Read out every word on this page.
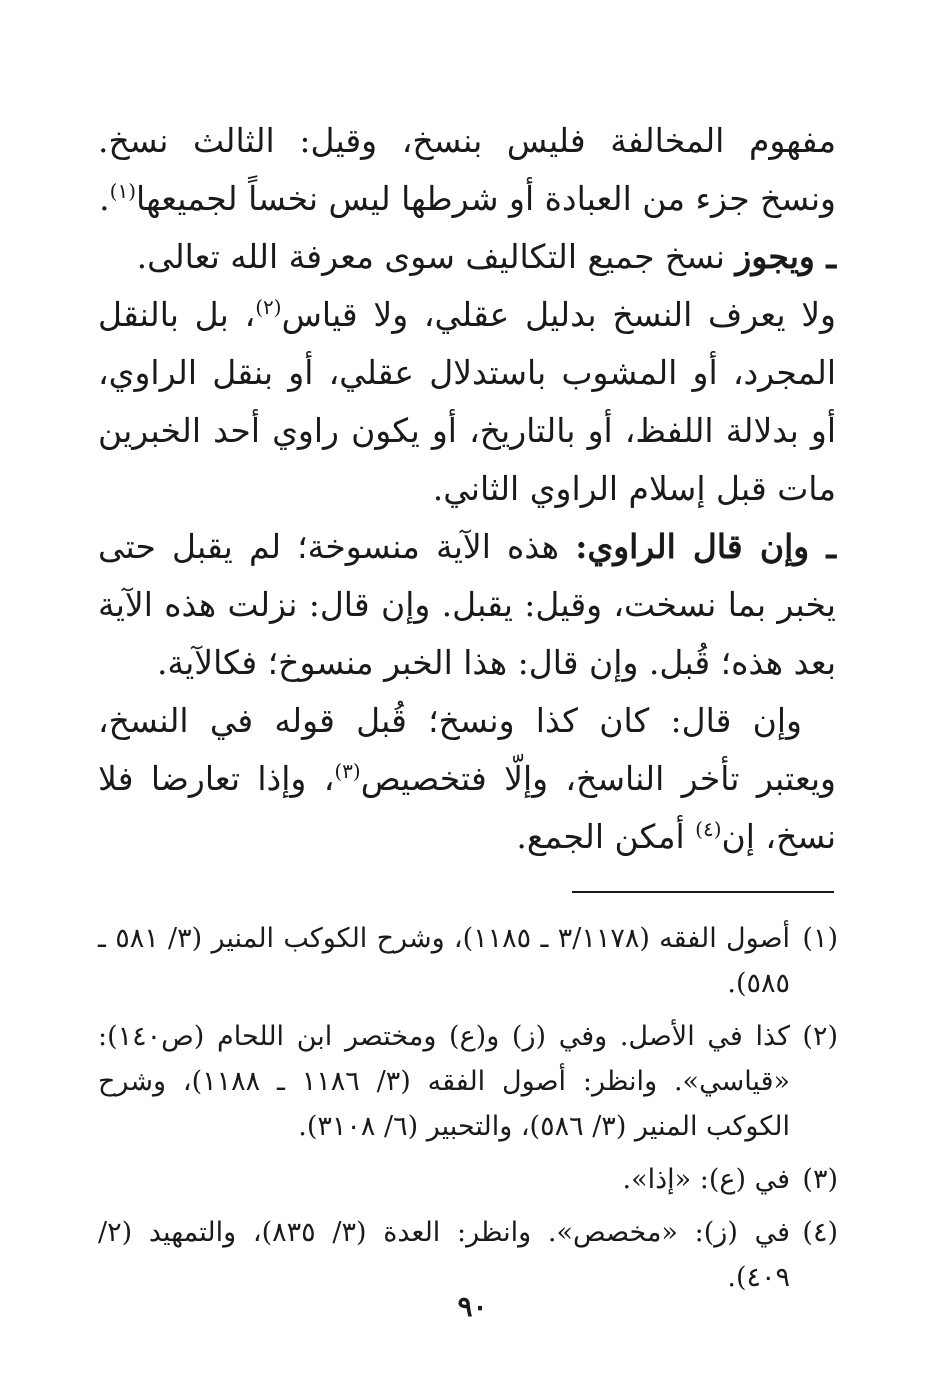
مفهوم المخالفة فليس بنسخ، وقيل: الثالث نسخ. ونسخ جزء من العبادة أو شرطها ليس نخساً لجميعها$^{(١)}$.

ـ ويجوز نسخ جميع التكاليف سوى معرفة الله تعالى.

ولا يعرف النسخ بدليل عقلي، ولا قياس$^{(٢)}$، بل بالنقل المجرد، أو المشوب باستدلال عقلي، أو بنقل الراوي، أو بدلالة اللفظ، أو بالتاريخ، أو يكون راوي أحد الخبرين مات قبل إسلام الراوي الثاني.

ـ وإن قال الراوي: هذه الآية منسوخة؛ لم يقبل حتى يخبر بما نسخت، وقيل: يقبل. وإن قال: نزلت هذه الآية بعد هذه؛ قُبل. وإن قال: هذا الخبر منسوخ؛ فكالآية.

وإن قال: كان كذا ونسخ؛ قُبل قوله في النسخ، ويعتبر تأخر الناسخ، وإلّا فتخصيص$^{(٣)}$، وإذا تعارضا فلا نسخ، إن$^{(٤)}$ أمكن الجمع.

(١)
أصول الفقه (٣/١١٧٨ ـ ١١٨٥)، وشرح الكوكب المنير (٣/ ٥٨١ ـ ٥٨٥).
(٢)
كذا في الأصل. وفي (ز) و(ع) ومختصر ابن اللحام (ص١٤٠): «قياسي». وانظر: أصول الفقه (٣/ ١١٨٦ ـ ١١٨٨)، وشرح الكوكب المنير (٣/ ٥٨٦)، والتحبير (٦/ ٣١٠٨).
(٣)
في (ع): «إذا».
(٤)
في (ز): «مخصص». وانظر: العدة (٣/ ٨٣٥)، والتمهيد (٢/ ٤٠٩).
٩٠
